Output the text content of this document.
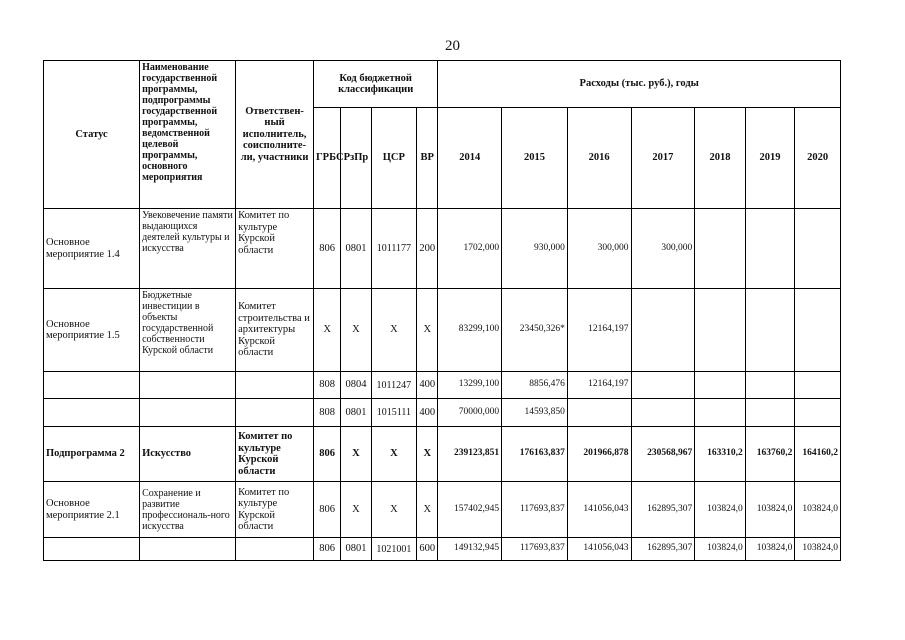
20
Статус	Наименование государственной программы, подпрограммы государственной программы, ведомственной целевой программы, основного мероприятия	Ответствен-ный исполнитель, соисполните-ли, участники	Код бюджетной классификации				Расходы (тыс. руб.), годы						
			ГРБС	РзПр	ЦСР	ВР	2014	2015	2016	2017	2018	2019	2020
Основное мероприятие 1.4	Увековечение памяти выдающихся деятелей культуры и искусства	Комитет по культуре Курской области	806	0801	1011177	200	1702,000	930,000	300,000	300,000			
Основное мероприятие 1.5	Бюджетные инвестиции в объекты государственной собственности Курской области	Комитет строительства и архитектуры Курской области	X	X	X	X	83299,100	23450,326*	12164,197				
			808	0804	1011247	400	13299,100	8856,476	12164,197				
			808	0801	1015111	400	70000,000	14593,850					
Подпрограмма 2	Искусство	Комитет по культуре Курской области	806	X	X	X	239123,851	176163,837	201966,878	230568,967	163310,2	163760,2	164160,2
Основное мероприятие 2.1	Сохранение и развитие профессиональ-ного искусства	Комитет по культуре Курской области	806	X	X	X	157402,945	117693,837	141056,043	162895,307	103824,0	103824,0	103824,0
			806	0801	1021001	600	149132,945	117693,837	141056,043	162895,307	103824,0	103824,0	103824,0
